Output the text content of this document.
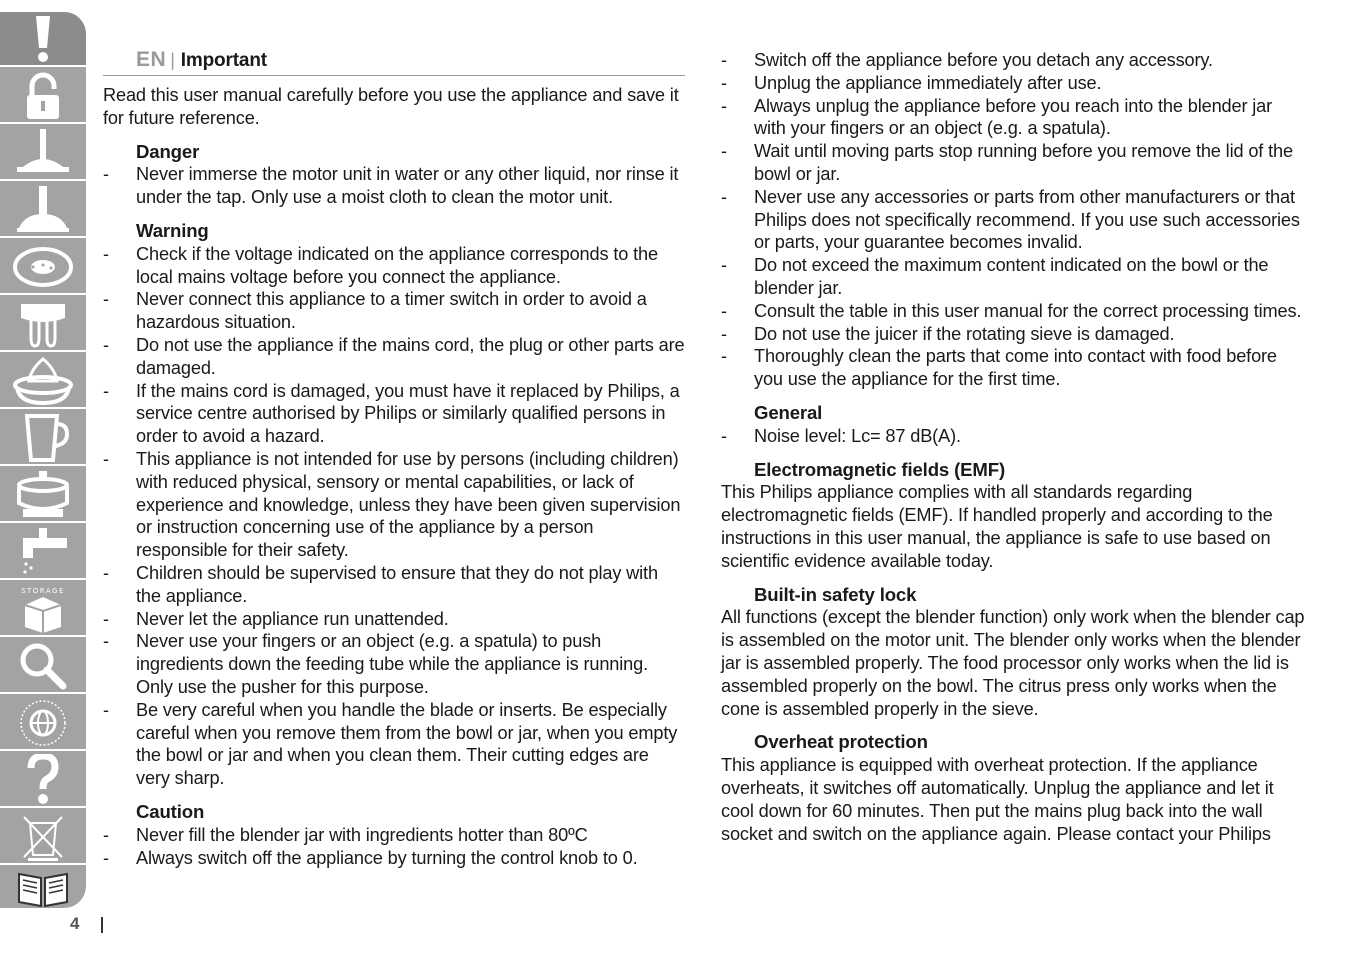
STORAGE
EN | Important

Read this user manual carefully before you use the appliance and save it for future reference.

Danger
- Never immerse the motor unit in water or any other liquid, nor rinse it under the tap. Only use a moist cloth to clean the motor unit.
Warning
- Check if the voltage indicated on the appliance corresponds to the local mains voltage before you connect the appliance.
- Never connect this appliance to a timer switch in order to avoid a hazardous situation.
- Do not use the appliance if the mains cord, the plug or other parts are damaged.
- If the mains cord is damaged, you must have it replaced by Philips, a service centre authorised by Philips or similarly qualified persons in order to avoid a hazard.
- This appliance is not intended for use by persons (including children) with reduced physical, sensory or mental capabilities, or lack of experience and knowledge, unless they have been given supervision or instruction concerning use of the appliance by a person responsible for their safety.
- Children should be supervised to ensure that they do not play with the appliance.
- Never let the appliance run unattended.
- Never use your fingers or an object (e.g. a spatula) to push ingredients down the feeding tube while the appliance is running. Only use the pusher for this purpose.
- Be very careful when you handle the blade or inserts. Be especially careful when you remove them from the bowl or jar, when you empty the bowl or jar and when you clean them. Their cutting edges are very sharp.
Caution
- Never fill the blender jar with ingredients hotter than 80ºC
- Always switch off the appliance by turning the control knob to 0.
- Switch off the appliance before you detach any accessory.
- Unplug the appliance immediately after use.
- Always unplug the appliance before you reach into the blender jar with your fingers or an object (e.g. a spatula).
- Wait until moving parts stop running before you remove the lid of the bowl or jar.
- Never use any accessories or parts from other manufacturers or that Philips does not specifically recommend. If you use such accessories or parts, your guarantee becomes invalid.
- Do not exceed the maximum content indicated on the bowl or the blender jar.
- Consult the table in this user manual for the correct processing times.
- Do not use the juicer if the rotating sieve is damaged.
- Thoroughly clean the parts that come into contact with food before you use the appliance for the first time.
General
- Noise level: Lc= 87 dB(A).
Electromagnetic fields (EMF)

This Philips appliance complies with all standards regarding electromagnetic fields (EMF). If handled properly and according to the instructions in this user manual, the appliance is safe to use based on scientific evidence available today.

Built-in safety lock

All functions (except the blender function) only work when the blender cap is assembled on the motor unit. The blender only works when the blender jar is assembled properly. The food processor only works when the lid is assembled properly on the bowl. The citrus press only works when the cone is assembled properly in the sieve.

Overheat protection

This appliance is equipped with overheat protection. If the appliance overheats, it switches off automatically. Unplug the appliance and let it cool down for 60 minutes. Then put the mains plug back into the wall socket and switch on the appliance again. Please contact your Philips

4
